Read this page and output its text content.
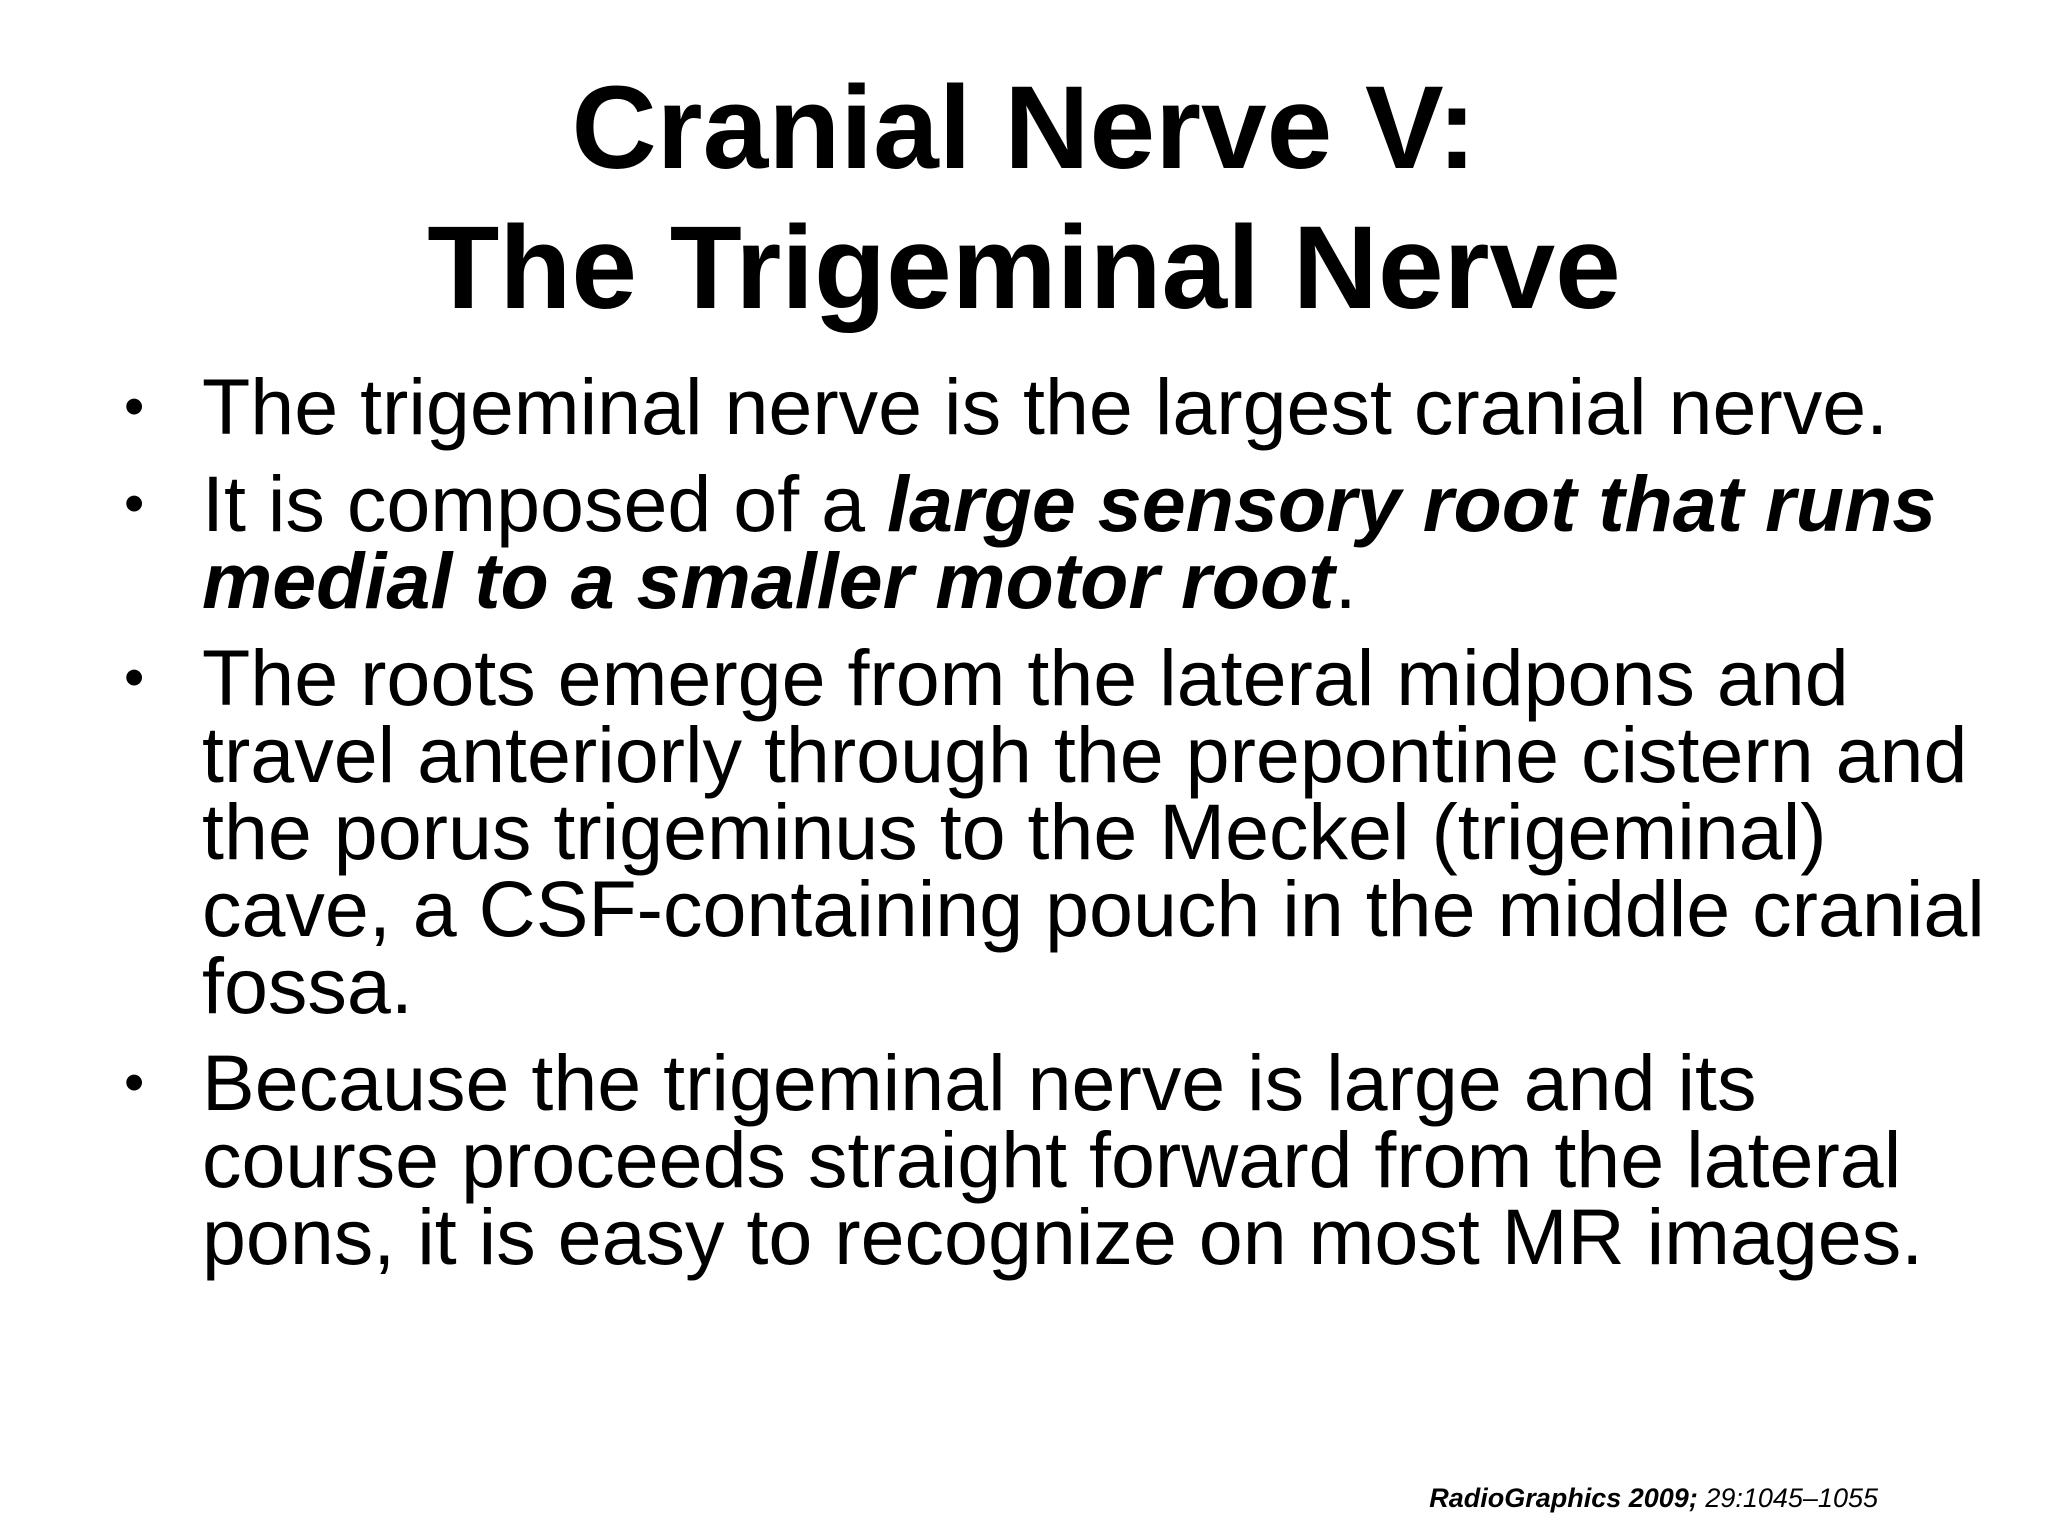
Cranial Nerve V:
The Trigeminal Nerve
• The trigeminal nerve is the largest cranial nerve.
• It is composed of a large sensory root that runs medial to a smaller motor root.
• The roots emerge from the lateral midpons and travel anteriorly through the prepontine cistern and the porus trigeminus to the Meckel (trigeminal) cave, a CSF-containing pouch in the middle cranial fossa.
• Because the trigeminal nerve is large and its course proceeds straight forward from the lateral pons, it is easy to recognize on most MR images.
RadioGraphics 2009; 29:1045–1055
